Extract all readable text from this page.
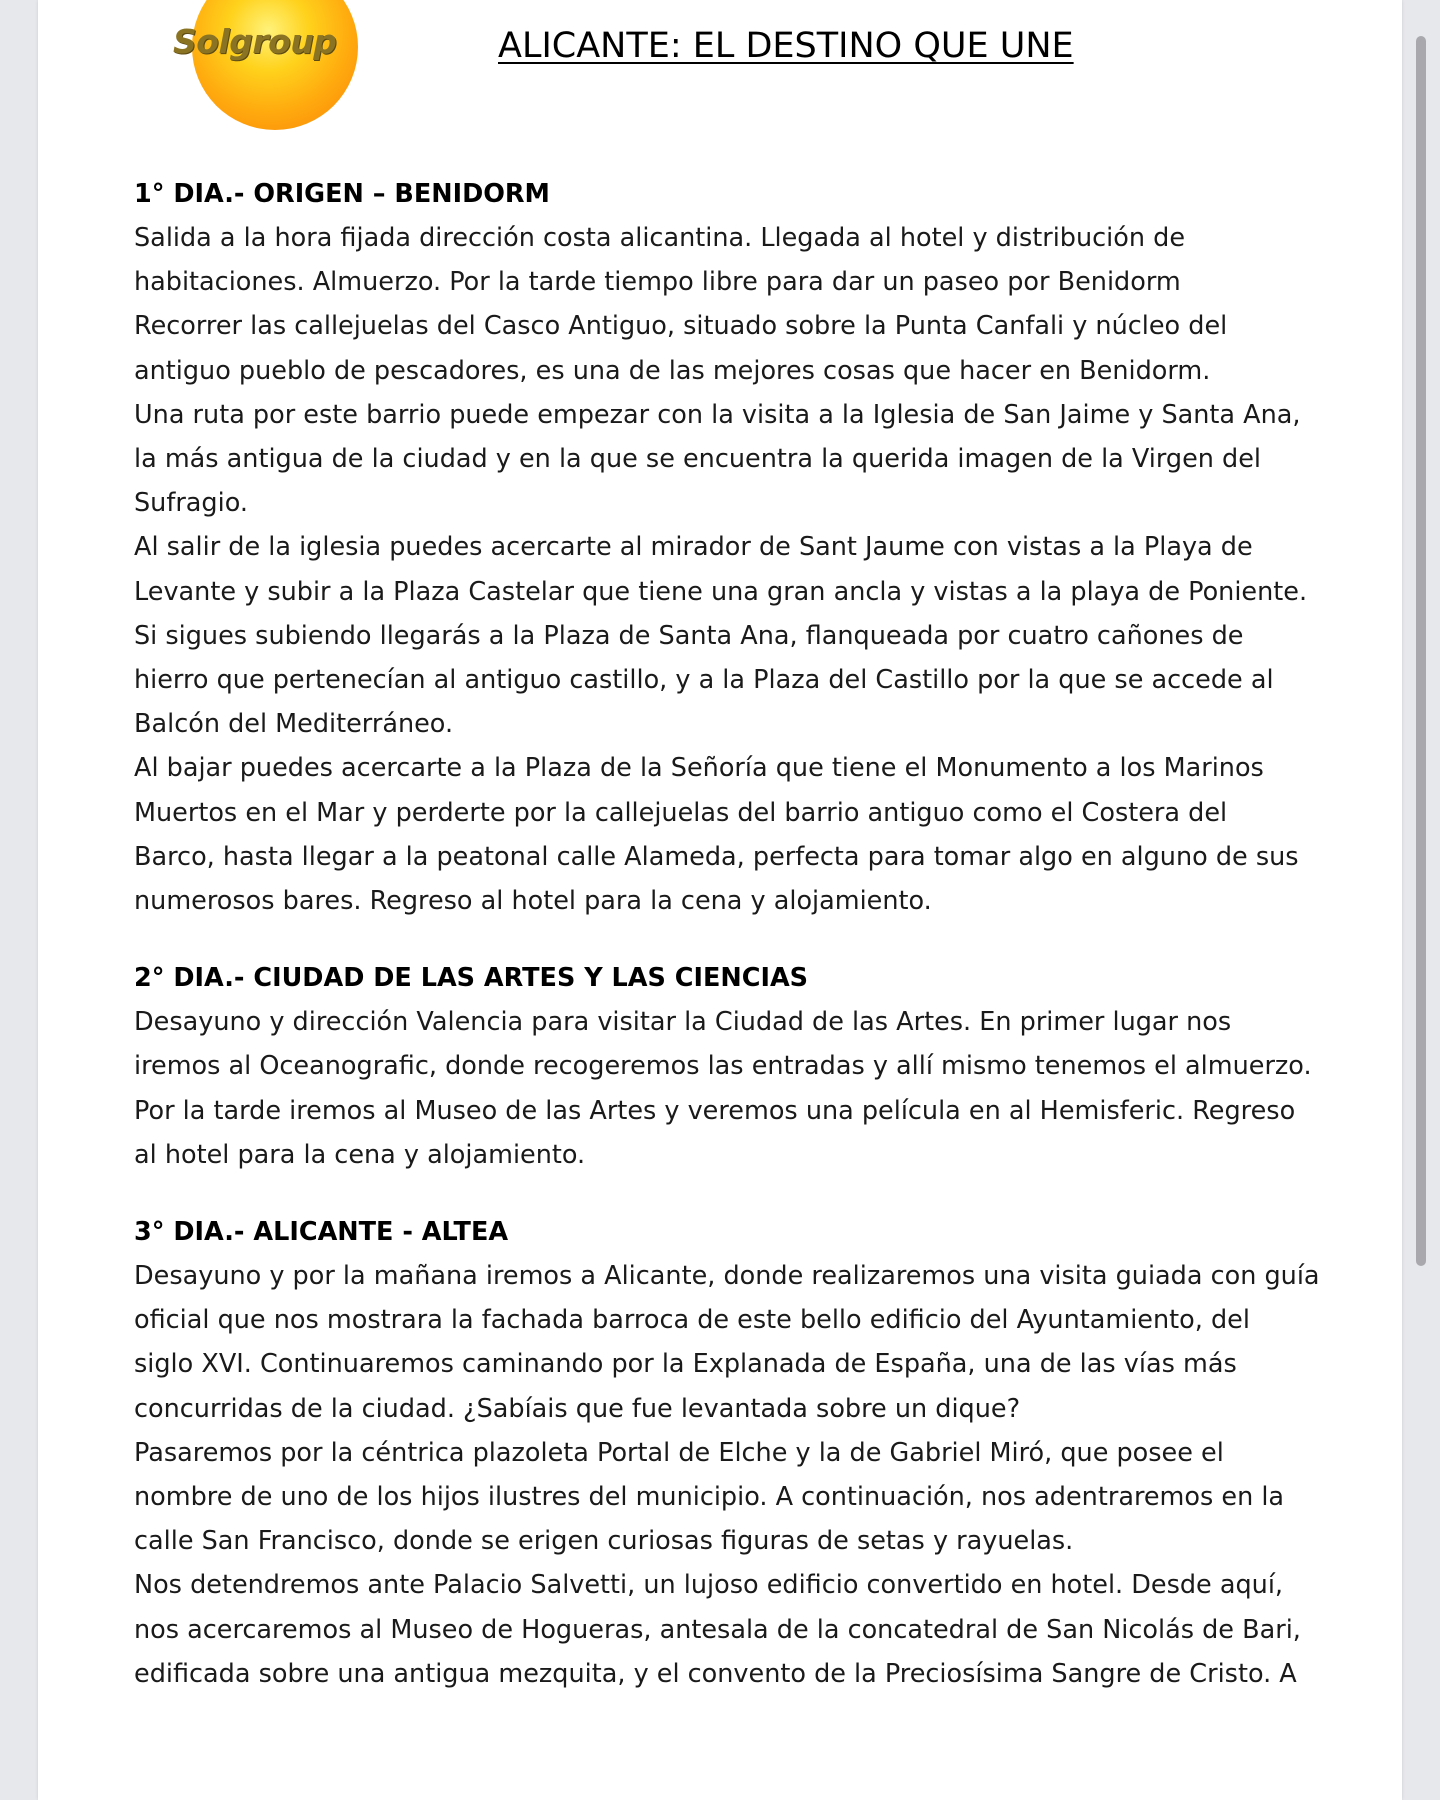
Solgroup	ALICANTE: EL DESTINO QUE UNE
1° DIA.- ORIGEN – BENIDORM

Salida a la hora fijada dirección costa alicantina. Llegada al hotel y distribución de
habitaciones. Almuerzo. Por la tarde tiempo libre para dar un paseo por Benidorm
Recorrer las callejuelas del Casco Antiguo, situado sobre la Punta Canfali y núcleo del
antiguo pueblo de pescadores, es una de las mejores cosas que hacer en Benidorm.

Una ruta por este barrio puede empezar con la visita a la Iglesia de San Jaime y Santa Ana,
la más antigua de la ciudad y en la que se encuentra la querida imagen de la Virgen del
Sufragio.

Al salir de la iglesia puedes acercarte al mirador de Sant Jaume con vistas a la Playa de
Levante y subir a la Plaza Castelar que tiene una gran ancla y vistas a la playa de Poniente.
Si sigues subiendo llegarás a la Plaza de Santa Ana, flanqueada por cuatro cañones de
hierro que pertenecían al antiguo castillo, y a la Plaza del Castillo por la que se accede al
Balcón del Mediterráneo.

Al bajar puedes acercarte a la Plaza de la Señoría que tiene el Monumento a los Marinos
Muertos en el Mar y perderte por la callejuelas del barrio antiguo como el Costera del
Barco, hasta llegar a la peatonal calle Alameda, perfecta para tomar algo en alguno de sus
numerosos bares. Regreso al hotel para la cena y alojamiento.

2° DIA.- CIUDAD DE LAS ARTES Y LAS CIENCIAS

Desayuno y dirección Valencia para visitar la Ciudad de las Artes. En primer lugar nos
iremos al Oceanografic, donde recogeremos las entradas y allí mismo tenemos el almuerzo.
Por la tarde iremos al Museo de las Artes y veremos una película en al Hemisferic. Regreso
al hotel para la cena y alojamiento.

3° DIA.- ALICANTE - ALTEA

Desayuno y por la mañana iremos a Alicante, donde realizaremos una visita guiada con guía
oficial que nos mostrara la fachada barroca de este bello edificio del Ayuntamiento, del
siglo XVI. Continuaremos caminando por la Explanada de España, una de las vías más
concurridas de la ciudad. ¿Sabíais que fue levantada sobre un dique?

Pasaremos por la céntrica plazoleta Portal de Elche y la de Gabriel Miró, que posee el
nombre de uno de los hijos ilustres del municipio. A continuación, nos adentraremos en la
calle San Francisco, donde se erigen curiosas figuras de setas y rayuelas.

Nos detendremos ante Palacio Salvetti, un lujoso edificio convertido en hotel. Desde aquí,
nos acercaremos al Museo de Hogueras, antesala de la concatedral de San Nicolás de Bari,
edificada sobre una antigua mezquita, y el convento de la Preciosísima Sangre de Cristo. A
